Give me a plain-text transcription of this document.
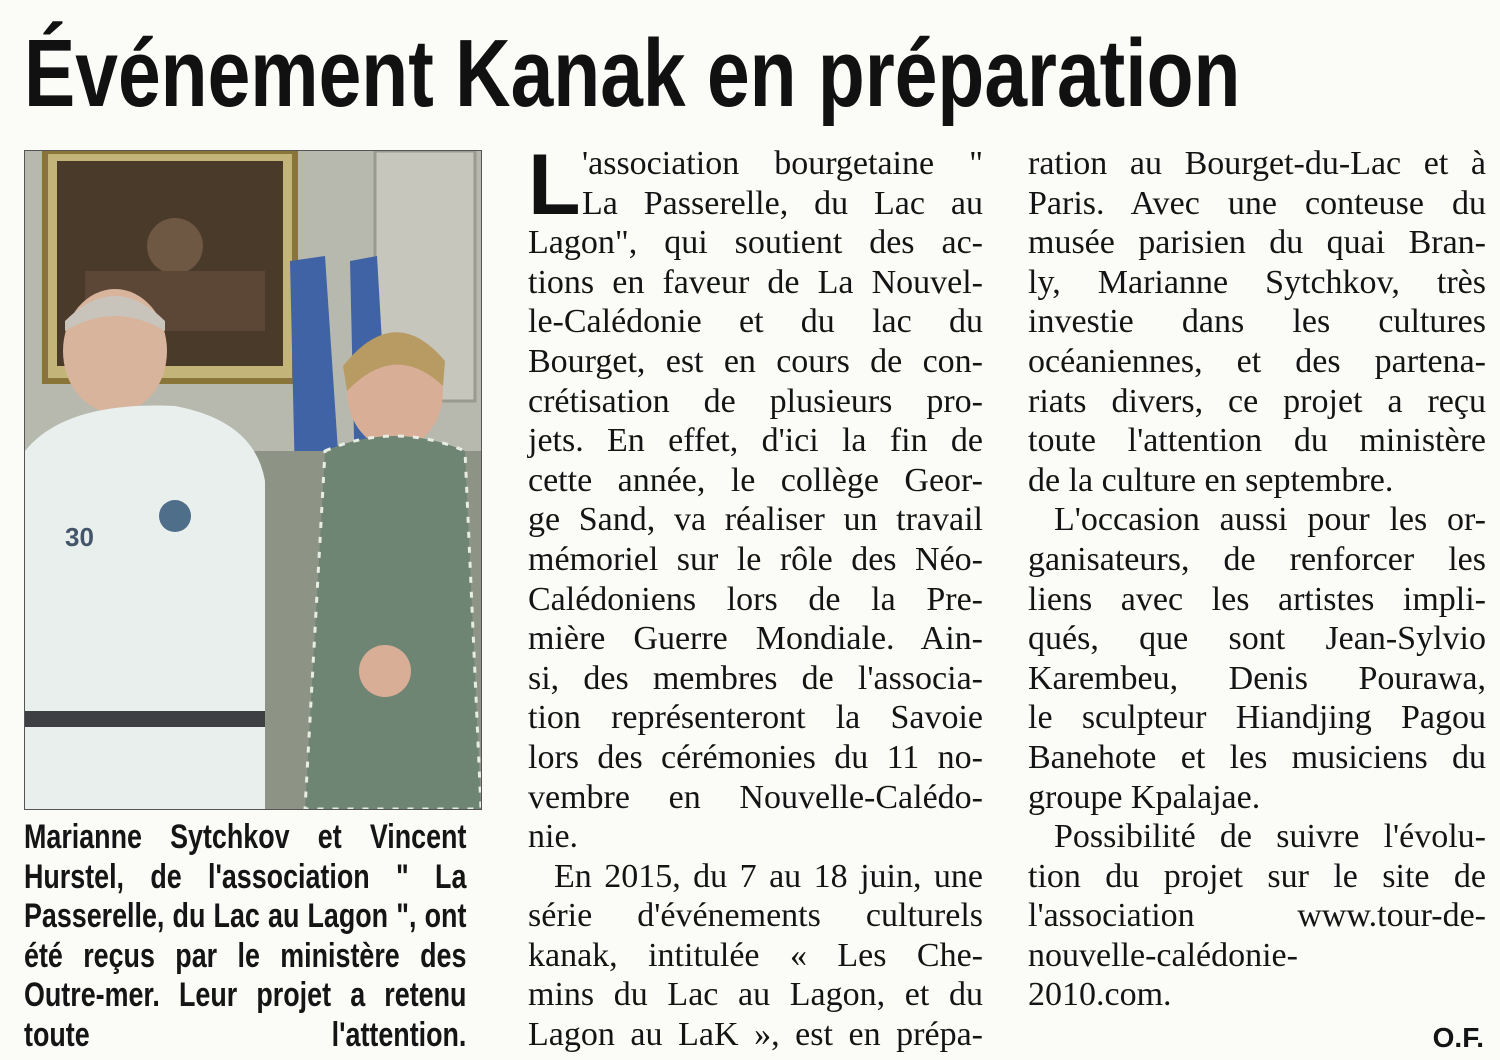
Événement Kanak en préparation
30

Marianne Sytchkov et Vincent
Hurstel, de l'association " La
Passerelle, du Lac au Lagon ", ont
été reçus par le ministère des
Outre-mer. Leur projet a retenu
toute l'attention.

L 'association bourgetaine "
La Passerelle, du Lac au
Lagon", qui soutient des ac-
tions en faveur de La Nouvel-
le-Calédonie et du lac du
Bourget, est en cours de con-
crétisation de plusieurs pro-
jets. En effet, d'ici la fin de
cette année, le collège Geor-
ge Sand, va réaliser un travail
mémoriel sur le rôle des Néo-
Calédoniens lors de la Pre-
mière Guerre Mondiale. Ain-
si, des membres de l'associa-
tion représenteront la Savoie
lors des cérémonies du 11 no-
vembre en Nouvelle-Calédo-
nie.

En 2015, du 7 au 18 juin, une
série d'événements culturels
kanak, intitulée « Les Che-
mins du Lac au Lagon, et du
Lagon au LaK », est en prépa-

ration au Bourget-du-Lac et à
Paris. Avec une conteuse du
musée parisien du quai Bran-
ly, Marianne Sytchkov, très
investie dans les cultures
océaniennes, et des partena-
riats divers, ce projet a reçu
toute l'attention du ministère
de la culture en septembre.

L'occasion aussi pour les or-
ganisateurs, de renforcer les
liens avec les artistes impli-
qués, que sont Jean-Sylvio
Karembeu, Denis Pourawa,
le sculpteur Hiandjing Pagou
Banehote et les musiciens du
groupe Kpalajae.

Possibilité de suivre l'évolu-
tion du projet sur le site de
l'association www.tour-de-
nouvelle-calédonie-
2010.com.

O.F.
